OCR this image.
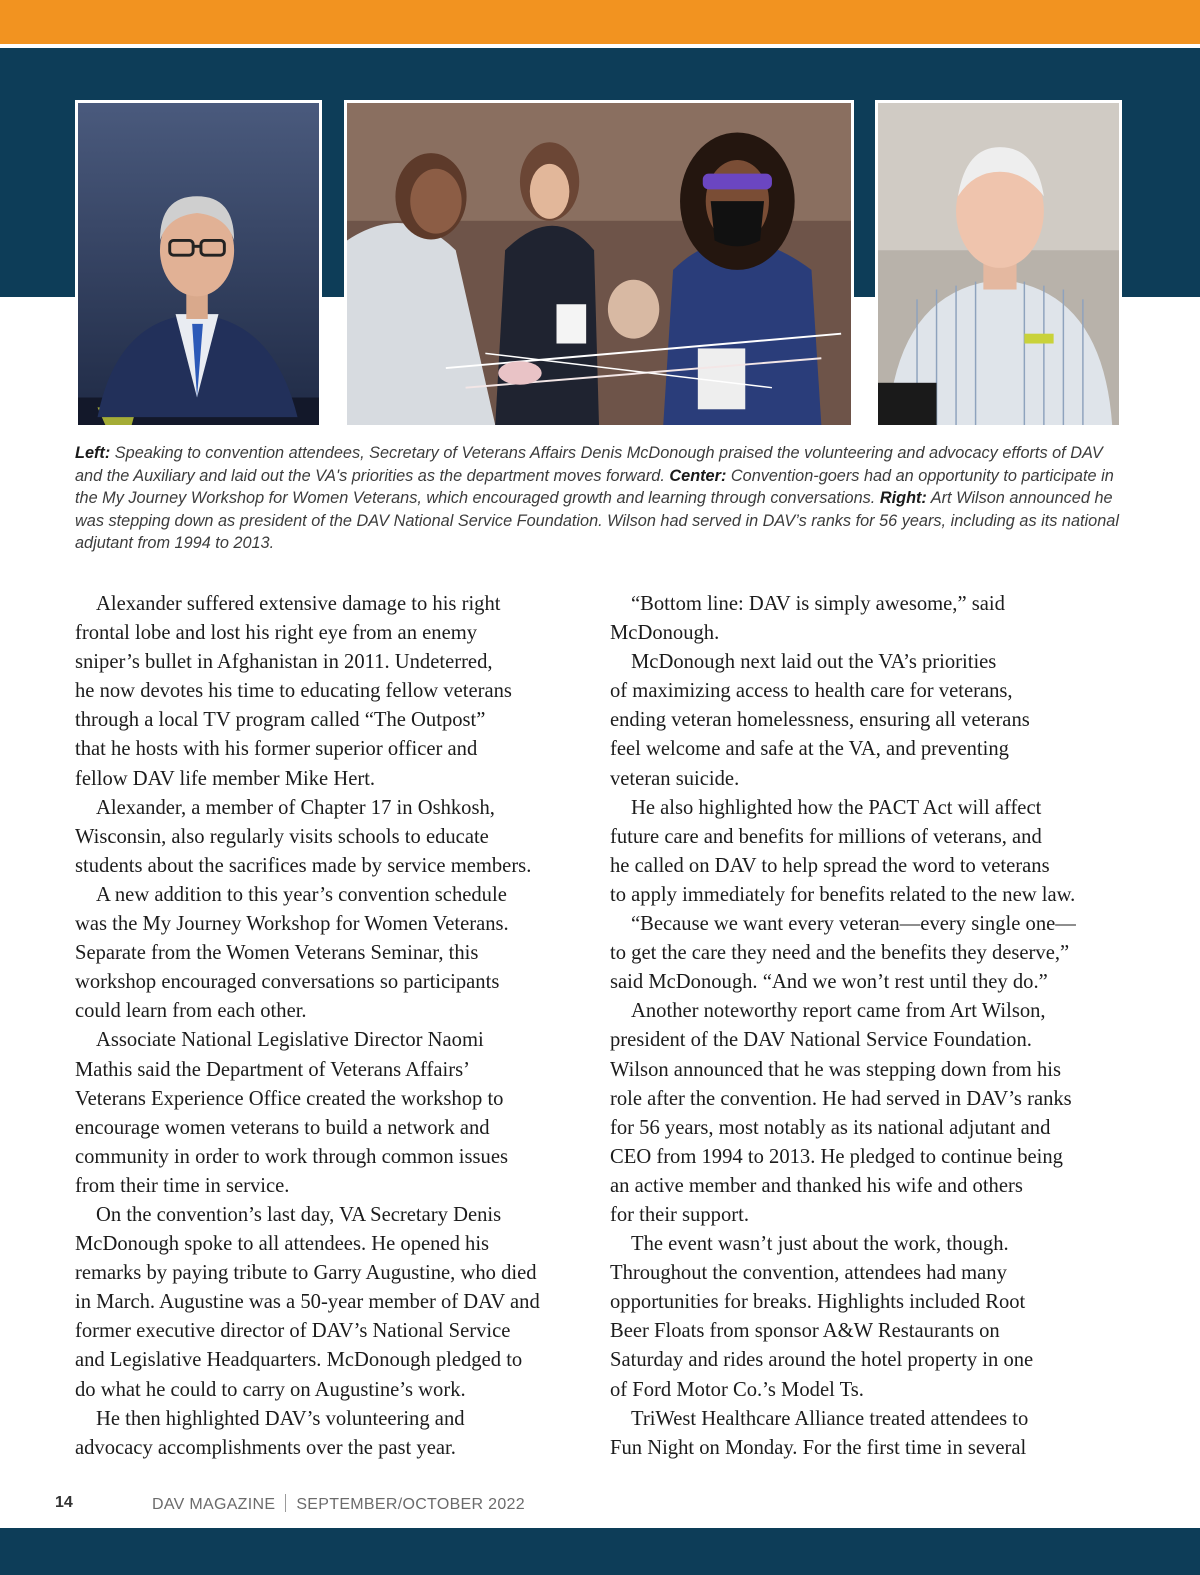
Left: Speaking to convention attendees, Secretary of Veterans Affairs Denis McDonough praised the volunteering and advocacy efforts of DAV and the Auxiliary and laid out the VA's priorities as the department moves forward. Center: Convention-goers had an opportunity to participate in the My Journey Workshop for Women Veterans, which encouraged growth and learning through conversations. Right: Art Wilson announced he was stepping down as president of the DAV National Service Foundation. Wilson had served in DAV’s ranks for 56 years, including as its national adjutant from 1994 to 2013.

Alexander suffered extensive damage to his right
frontal lobe and lost his right eye from an enemy
sniper’s bullet in Afghanistan in 2011. Undeterred,
he now devotes his time to educating fellow veterans
through a local TV program called “The Outpost”
that he hosts with his former superior officer and
fellow DAV life member Mike Hert.

Alexander, a member of Chapter 17 in Oshkosh,
Wisconsin, also regularly visits schools to educate
students about the sacrifices made by service members.

A new addition to this year’s convention schedule
was the My Journey Workshop for Women Veterans.
Separate from the Women Veterans Seminar, this
workshop encouraged conversations so participants
could learn from each other.

Associate National Legislative Director Naomi
Mathis said the Department of Veterans Affairs’
Veterans Experience Office created the workshop to
encourage women veterans to build a network and
community in order to work through common issues
from their time in service.

On the convention’s last day, VA Secretary Denis
McDonough spoke to all attendees. He opened his
remarks by paying tribute to Garry Augustine, who died
in March. Augustine was a 50-year member of DAV and
former executive director of DAV’s National Service
and Legislative Headquarters. McDonough pledged to
do what he could to carry on Augustine’s work.

He then highlighted DAV’s volunteering and
advocacy accomplishments over the past year.

“Bottom line: DAV is simply awesome,” said
McDonough.

McDonough next laid out the VA’s priorities
of maximizing access to health care for veterans,
ending veteran homelessness, ensuring all veterans
feel welcome and safe at the VA, and preventing
veteran suicide.

He also highlighted how the PACT Act will affect
future care and benefits for millions of veterans, and
he called on DAV to help spread the word to veterans
to apply immediately for benefits related to the new law.

“Because we want every veteran—every single one—
to get the care they need and the benefits they deserve,”
said McDonough. “And we won’t rest until they do.”

Another noteworthy report came from Art Wilson,
president of the DAV National Service Foundation.
Wilson announced that he was stepping down from his
role after the convention. He had served in DAV’s ranks
for 56 years, most notably as its national adjutant and
CEO from 1994 to 2013. He pledged to continue being
an active member and thanked his wife and others
for their support.

The event wasn’t just about the work, though.
Throughout the convention, attendees had many
opportunities for breaks. Highlights included Root
Beer Floats from sponsor A&W Restaurants on
Saturday and rides around the hotel property in one
of Ford Motor Co.’s Model Ts.

TriWest Healthcare Alliance treated attendees to
Fun Night on Monday. For the first time in several

14	DAV MAGAZINE SEPTEMBER/OCTOBER 2022
